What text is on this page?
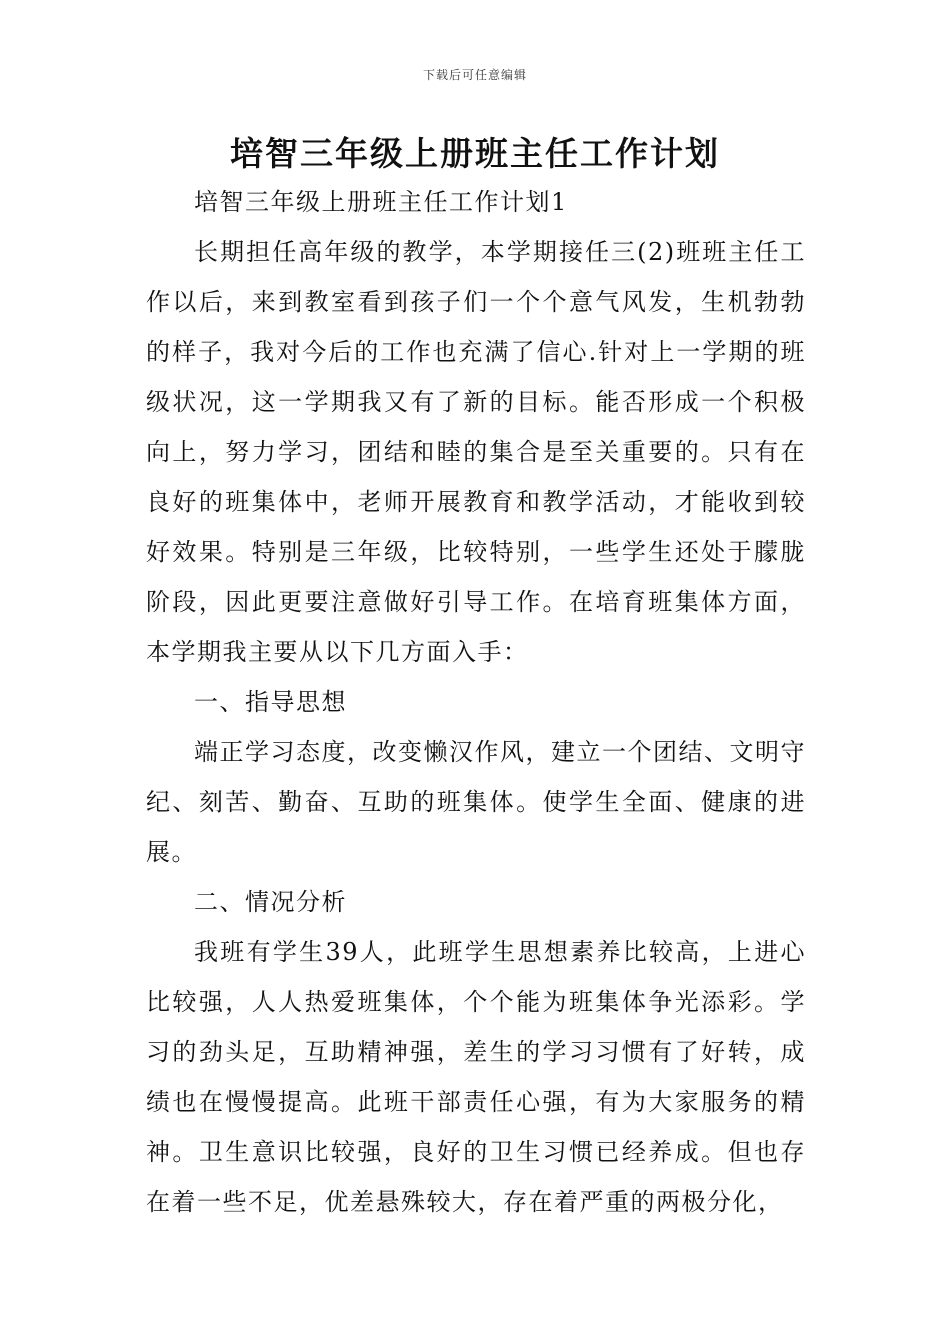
下载后可任意编辑
培智三年级上册班主任工作计划

培智三年级上册班主任工作计划1

长期担任高年级的教学，本学期接任三(2)班班主任工作以后，来到教室看到孩子们一个个意气风发，生机勃勃的样子，我对今后的工作也充满了信心.针对上一学期的班级状况，这一学期我又有了新的目标。能否形成一个积极向上，努力学习，团结和睦的集合是至关重要的。只有在良好的班集体中，老师开展教育和教学活动，才能收到较好效果。特别是三年级，比较特别，一些学生还处于朦胧阶段，因此更要注意做好引导工作。在培育班集体方面，本学期我主要从以下几方面入手：

一、指导思想

端正学习态度，改变懒汉作风，建立一个团结、文明守纪、刻苦、勤奋、互助的班集体。使学生全面、健康的进展。

二、情况分析

我班有学生39人，此班学生思想素养比较高，上进心比较强，人人热爱班集体，个个能为班集体争光添彩。学习的劲头足，互助精神强，差生的学习习惯有了好转，成绩也在慢慢提高。此班干部责任心强，有为大家服务的精神。卫生意识比较强，良好的卫生习惯已经养成。但也存在着一些不足，优差悬殊较大，存在着严重的两极分化，
